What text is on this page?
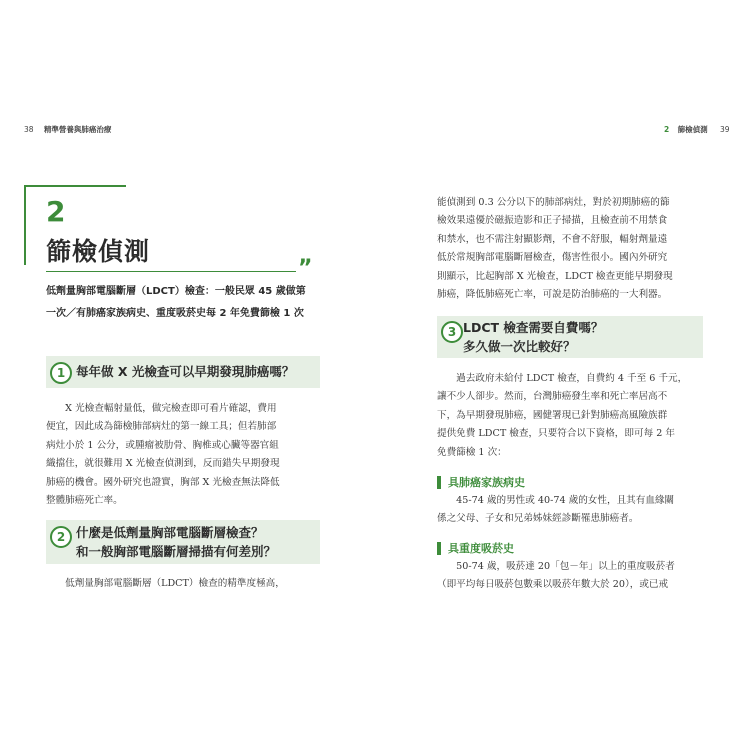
38 精準營養與肺癌治療	2 篩檢偵測 39
2
篩檢偵測
”
低劑量胸部電腦斷層（LDCT）檢查：一般民眾 45 歲做第
一次／有肺癌家族病史、重度吸菸史每 2 年免費篩檢 1 次
1 每年做 X 光檢查可以早期發現肺癌嗎？
　　X 光檢查輻射量低，做完檢查即可看片確認，費用
便宜，因此成為篩檢肺部病灶的第一線工具；但若肺部
病灶小於 1 公分，或腫瘤被肋骨、胸椎或心臟等器官組
織擋住，就很難用 X 光檢查偵測到，反而錯失早期發現
肺癌的機會。國外研究也證實，胸部 X 光檢查無法降低
整體肺癌死亡率。
2 什麼是低劑量胸部電腦斷層檢查？
和一般胸部電腦斷層掃描有何差別？
　　低劑量胸部電腦斷層（LDCT）檢查的精準度極高，
能偵測到 0.3 公分以下的肺部病灶，對於初期肺癌的篩
檢效果遠優於磁振造影和正子掃描，且檢查前不用禁食
和禁水，也不需注射顯影劑，不會不舒服，輻射劑量遠
低於常規胸部電腦斷層檢查，傷害性很小。國內外研究
則顯示，比起胸部 X 光檢查，LDCT 檢查更能早期發現
肺癌，降低肺癌死亡率，可說是防治肺癌的一大利器。
3 LDCT 檢查需要自費嗎？
多久做一次比較好？
　　過去政府未給付 LDCT 檢查，自費約 4 千至 6 千元，
讓不少人卻步。然而，台灣肺癌發生率和死亡率居高不
下，為早期發現肺癌，國健署現已針對肺癌高風險族群
提供免費 LDCT 檢查，只要符合以下資格，即可每 2 年
免費篩檢 1 次：
具肺癌家族病史
　　45-74 歲的男性或 40-74 歲的女性，且其有血緣關
係之父母、子女和兄弟姊妹經診斷罹患肺癌者。
具重度吸菸史
　　50-74 歲，吸菸達 20「包－年」以上的重度吸菸者
（即平均每日吸菸包數乘以吸菸年數大於 20），或已戒
